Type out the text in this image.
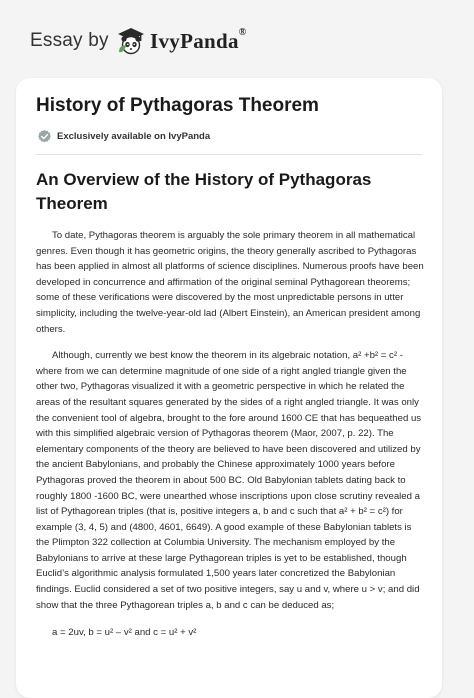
Essay by IvyPanda®
History of Pythagoras Theorem
Exclusively available on IvyPanda
An Overview of the History of Pythagoras Theorem

To date, Pythagoras theorem is arguably the sole primary theorem in all mathematical genres. Even though it has geometric origins, the theory generally ascribed to Pythagoras has been applied in almost all platforms of science disciplines. Numerous proofs have been developed in concurrence and affirmation of the original seminal Pythagorean theorems; some of these verifications were discovered by the most unpredictable persons in utter simplicity, including the twelve-year-old lad (Albert Einstein), an American president among others.

Although, currently we best know the theorem in its algebraic notation, a² +b² = c² - where from we can determine magnitude of one side of a right angled triangle given the other two, Pythagoras visualized it with a geometric perspective in which he related the areas of the resultant squares generated by the sides of a right angled triangle. It was only the convenient tool of algebra, brought to the fore around 1600 CE that has bequeathed us with this simplified algebraic version of Pythagoras theorem (Maor, 2007, p. 22). The elementary components of the theory are believed to have been discovered and utilized by the ancient Babylonians, and probably the Chinese approximately 1000 years before Pythagoras proved the theorem in about 500 BC. Old Babylonian tablets dating back to roughly 1800 -1600 BC, were unearthed whose inscriptions upon close scrutiny revealed a list of Pythagorean triples (that is, positive integers a, b and c such that a² + b² = c²) for example (3, 4, 5) and (4800, 4601, 6649). A good example of these Babylonian tablets is the Plimpton 322 collection at Columbia University. The mechanism employed by the Babylonians to arrive at these large Pythagorean triples is yet to be established, though Euclid’s algorithmic analysis formulated 1,500 years later concretized the Babylonian findings. Euclid considered a set of two positive integers, say u and v, where u > v; and did show that the three Pythagorean triples a, b and c can be deduced as;

a = 2uv, b = u² – v² and c = u² + v²
